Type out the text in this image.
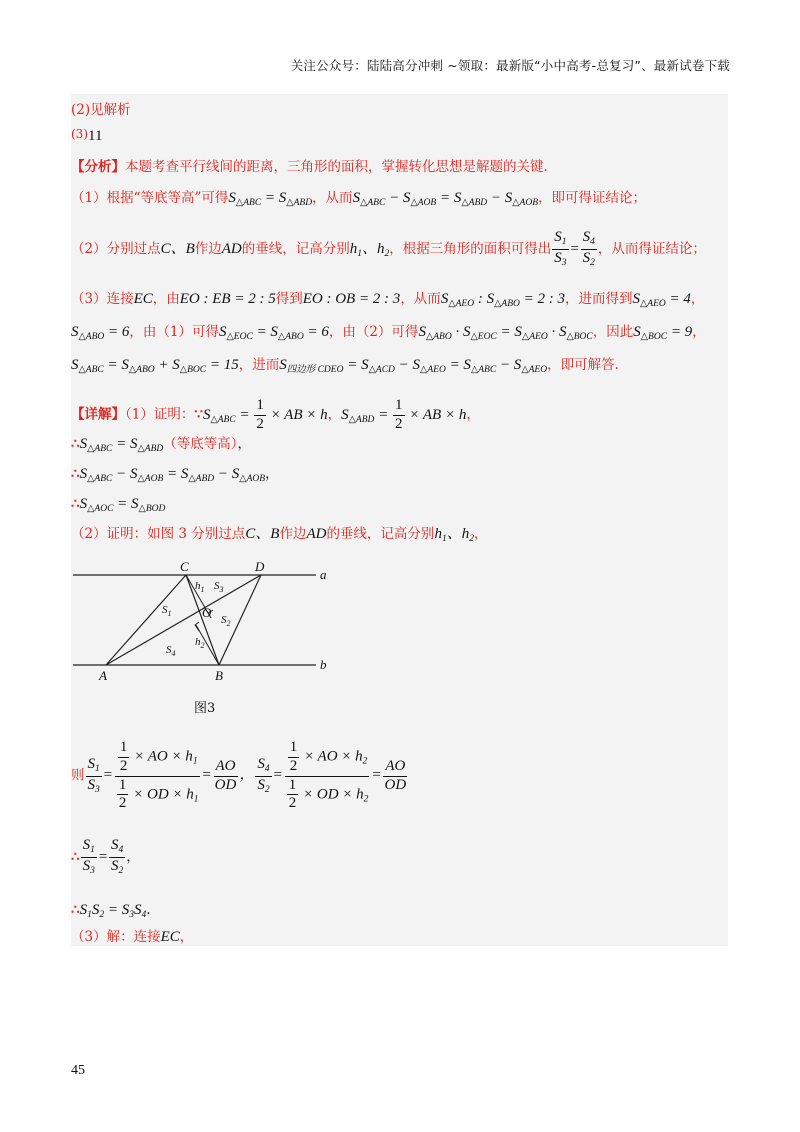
关注公众号：陆陆高分冲刺 ~领取：最新版“小中高考-总复习”、最新试卷下载
(2)见解析
(3)11
【分析】本题考查平行线间的距离，三角形的面积，掌握转化思想是解题的关键.
（1）根据“等底等高”可得$S_{\triangle ABC} = S_{\triangle ABD}$，从而$S_{\triangle ABC} - S_{\triangle AOB} = S_{\triangle ABD} - S_{\triangle AOB}$，即可得证结论；
（2）分别过点C、B作边AD的垂线，记高分别$h_1$、$h_2$，根据三角形的面积可得出 $\frac{S_1}{S_3} = \frac{S_4}{S_2}$ ，从而得证结论；
（3）连接EC，由EO : EB = 2 : 5得到EO : OB = 2 : 3，从而$S_{\triangle AEO}$ : $S_{\triangle ABO} = 2$ : 3，进而得到$S_{\triangle AEO} = 4$，
$S_{\triangle ABO} = 6$，由（1）可得$S_{\triangle EOC} = S_{\triangle ABO} = 6$，由（2）可得$S_{\triangle ABO} \cdot S_{\triangle EOC} = S_{\triangle AEO} \cdot S_{\triangle BOC}$，因此$S_{\triangle BOC} = 9$，
$S_{\triangle ABC} = S_{\triangle ABO} + S_{\triangle BOC} = 15$，进而$S_{四边形 CDEO} = S_{\triangle ACD} - S_{\triangle AEO} = S_{\triangle ABC} - S_{\triangle AEO}$，即可解答.
【详解】（1）证明：$\because S_{\triangle ABC} = \frac{1}{2}$ × AB × h，$S_{\triangle ABD} = \frac{1}{2}$ × AB × h，
$\therefore S_{\triangle ABC} = S_{\triangle ABD}$（等底等高），
$\therefore S_{\triangle ABC} - S_{\triangle AOB} = S_{\triangle ABD} - S_{\triangle AOB}$，
$\therefore S_{\triangle AOC} = S_{\triangle BOD}$
（2）证明：如图 3 分别过点C、B作边AD的垂线，记高分别$h_1$、$h_2$，
C	D
a
A	B
b
O
$h_1$
$h_2$
$S_1$
$S_2$
$S_3$
$S_4$
图3
则 $\frac{S_1}{S_3} = \frac{\frac{1}{2} \times AO \times h_1}{\frac{1}{2} \times OD \times h_1} = \frac{AO}{OD}$ ， $\frac{S_4}{S_2} = \frac{\frac{1}{2} \times AO \times h_2}{\frac{1}{2} \times OD \times h_2} = \frac{AO}{OD}$
∴ $\frac{S_1}{S_3} = \frac{S_4}{S_2}$ ，
$\therefore S_1S_2 = S_3S_4$.
（3）解：连接EC，
45
